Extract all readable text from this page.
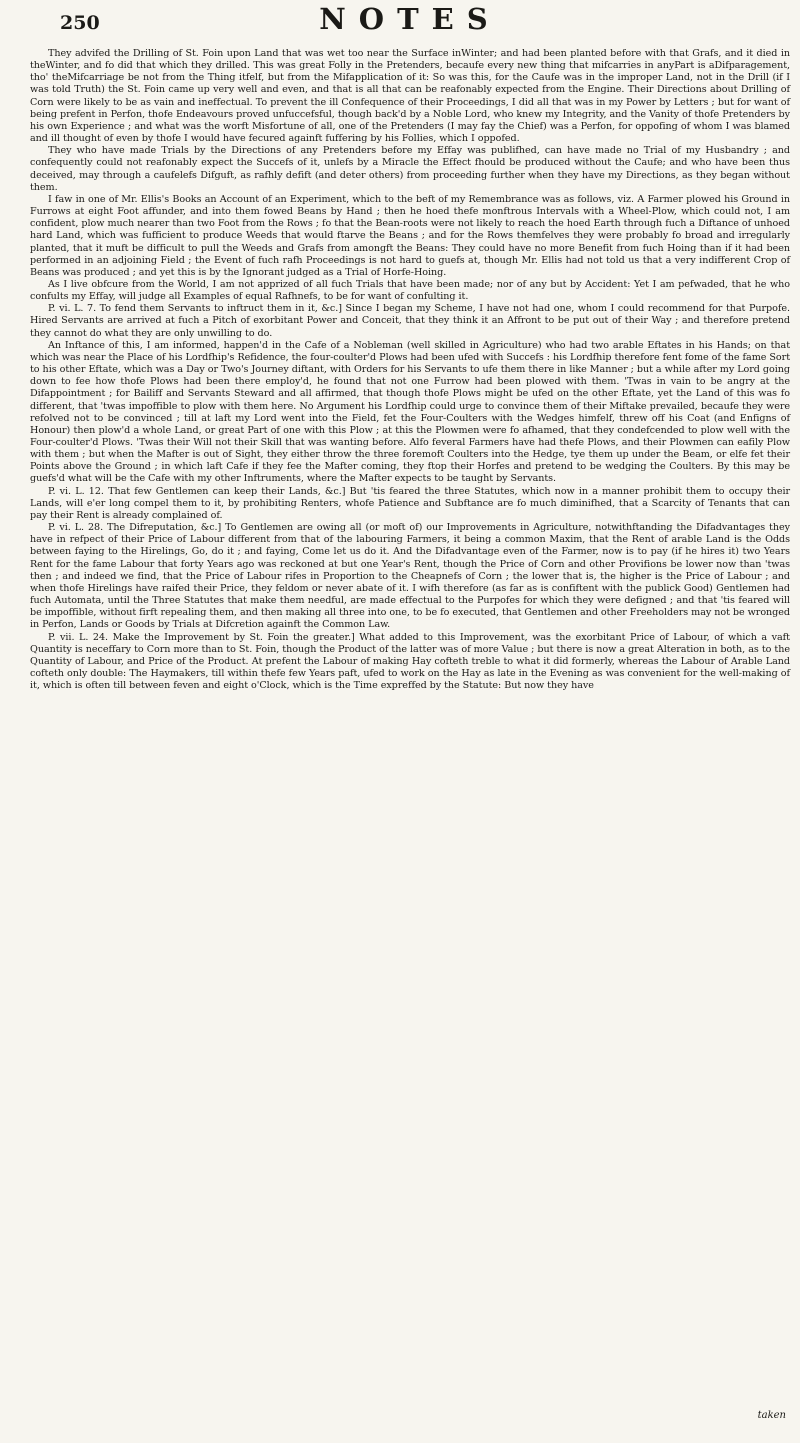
250	NOTES

They advifed the Drilling of St. Foin upon Land that was wet too near the Surface inWinter; and had been planted before with that Grafs, and it died in theWinter, and fo did that which they drilled. This was great Folly in the Pretenders, becaufe every new thing that mifcarries in anyPart is aDifparagement, tho' theMifcarriage be not from the Thing itfelf, but from the Mifapplication of it: So was this, for the Caufe was in the improper Land, not in the Drill (if I was told Truth) the St. Foin came up very well and even, and that is all that can be reafonably expected from the Engine. Their Directions about Drilling of Corn were likely to be as vain and ineffectual. To prevent the ill Confequence of their Proceedings, I did all that was in my Power by Letters ; but for want of being prefent in Perfon, thofe Endeavours proved unfuccefsful, though back'd by a Noble Lord, who knew my Integrity, and the Vanity of thofe Pretenders by his own Experience ; and what was the worft Misfortune of all, one of the Pretenders (I may fay the Chief) was a Perfon, for oppofing of whom I was blamed and ill thought of even by thofe I would have fecured againft fuffering by his Follies, which I oppofed.

They who have made Trials by the Directions of any Pretenders before my Effay was publifhed, can have made no Trial of my Husbandry ; and confequently could not reafonably expect the Succefs of it, unlefs by a Miracle the Effect fhould be produced without the Caufe; and who have been thus deceived, may through a caufelefs Difguft, as rafhly defift (and deter others) from proceeding further when they have my Directions, as they began without them.

I faw in one of Mr. Ellis's Books an Account of an Experiment, which to the beft of my Remembrance was as follows, viz. A Farmer plowed his Ground in Furrows at eight Foot affunder, and into them fowed Beans by Hand ; then he hoed thefe monftrous Intervals with a Wheel-Plow, which could not, I am confident, plow much nearer than two Foot from the Rows ; fo that the Bean-roots were not likely to reach the hoed Earth through fuch a Diftance of unhoed hard Land, which was fufficient to produce Weeds that would ftarve the Beans ; and for the Rows themfelves they were probably fo broad and irregularly planted, that it muft be difficult to pull the Weeds and Grafs from amongft the Beans: They could have no more Benefit from fuch Hoing than if it had been performed in an adjoining Field ; the Event of fuch rafh Proceedings is not hard to guefs at, though Mr. Ellis had not told us that a very indifferent Crop of Beans was produced ; and yet this is by the Ignorant judged as a Trial of Horfe-Hoing.

As I live obfcure from the World, I am not apprized of all fuch Trials that have been made; nor of any but by Accident: Yet I am pefwaded, that he who confults my Effay, will judge all Examples of equal Rafhnefs, to be for want of confulting it.

P. vi. L. 7. To fend them Servants to inftruct them in it, &c.] Since I began my Scheme, I have not had one, whom I could recommend for that Purpofe. Hired Servants are arrived at fuch a Pitch of exorbitant Power and Conceit, that they think it an Affront to be put out of their Way ; and therefore pretend they cannot do what they are only unwilling to do.

An Inftance of this, I am informed, happen'd in the Cafe of a Nobleman (well skilled in Agriculture) who had two arable Eftates in his Hands; on that which was near the Place of his Lordfhip's Refidence, the four-coulter'd Plows had been ufed with Succefs : his Lordfhip therefore fent fome of the fame Sort to his other Eftate, which was a Day or Two's Journey diftant, with Orders for his Servants to ufe them there in like Manner ; but a while after my Lord going down to fee how thofe Plows had been there employ'd, he found that not one Furrow had been plowed with them. 'Twas in vain to be angry at the Difappointment ; for Bailiff and Servants Steward and all affirmed, that though thofe Plows might be ufed on the other Eftate, yet the Land of this was fo different, that 'twas impoffible to plow with them here. No Argument his Lordfhip could urge to convince them of their Miftake prevailed, becaufe they were refolved not to be convinced ; till at laft my Lord went into the Field, fet the Four-Coulters with the Wedges himfelf, threw off his Coat (and Enfigns of Honour) then plow'd a whole Land, or great Part of one with this Plow ; at this the Plowmen were fo afhamed, that they condefcended to plow well with the Four-coulter'd Plows. 'Twas their Will not their Skill that was wanting before. Alfo feveral Farmers have had thefe Plows, and their Plowmen can eafily Plow with them ; but when the Mafter is out of Sight, they either throw the three foremoft Coulters into the Hedge, tye them up under the Beam, or elfe fet their Points above the Ground ; in which laft Cafe if they fee the Mafter coming, they ftop their Horfes and pretend to be wedging the Coulters. By this may be guefs'd what will be the Cafe with my other Inftruments, where the Mafter expects to be taught by Servants.

P. vi. L. 12. That few Gentlemen can keep their Lands, &c.] But 'tis feared the three Statutes, which now in a manner prohibit them to occupy their Lands, will e'er long compel them to it, by prohibiting Renters, whofe Patience and Subftance are fo much diminifhed, that a Scarcity of Tenants that can pay their Rent is already complained of.

P. vi. L. 28. The Difreputation, &c.] To Gentlemen are owing all (or moft of) our Improvements in Agriculture, notwithftanding the Difadvantages they have in refpect of their Price of Labour different from that of the labouring Farmers, it being a common Maxim, that the Rent of arable Land is the Odds between faying to the Hirelings, Go, do it ; and faying, Come let us do it. And the Difadvantage even of the Farmer, now is to pay (if he hires it) two Years Rent for the fame Labour that forty Years ago was reckoned at but one Year's Rent, though the Price of Corn and other Provifions be lower now than 'twas then ; and indeed we find, that the Price of Labour rifes in Proportion to the Cheapnefs of Corn ; the lower that is, the higher is the Price of Labour ; and when thofe Hirelings have raifed their Price, they feldom or never abate of it. I wifh therefore (as far as is confiftent with the publick Good) Gentlemen had fuch Automata, until the Three Statutes that make them needful, are made effectual to the Purpofes for which they were defigned ; and that 'tis feared will be impoffible, without firft repealing them, and then making all three into one, to be fo executed, that Gentlemen and other Freeholders may not be wronged in Perfon, Lands or Goods by Trials at Difcretion againft the Common Law.

P. vii. L. 24. Make the Improvement by St. Foin the greater.] What added to this Improvement, was the exorbitant Price of Labour, of which a vaft Quantity is neceffary to Corn more than to St. Foin, though the Product of the latter was of more Value ; but there is now a great Alteration in both, as to the Quantity of Labour, and Price of the Product. At prefent the Labour of making Hay cofteth treble to what it did formerly, whereas the Labour of Arable Land cofteth only double: The Haymakers, till within thefe few Years paft, ufed to work on the Hay as late in the Evening as was convenient for the well-making of it, which is often till between feven and eight o'Clock, which is the Time expreffed by the Statute: But now they have

taken
